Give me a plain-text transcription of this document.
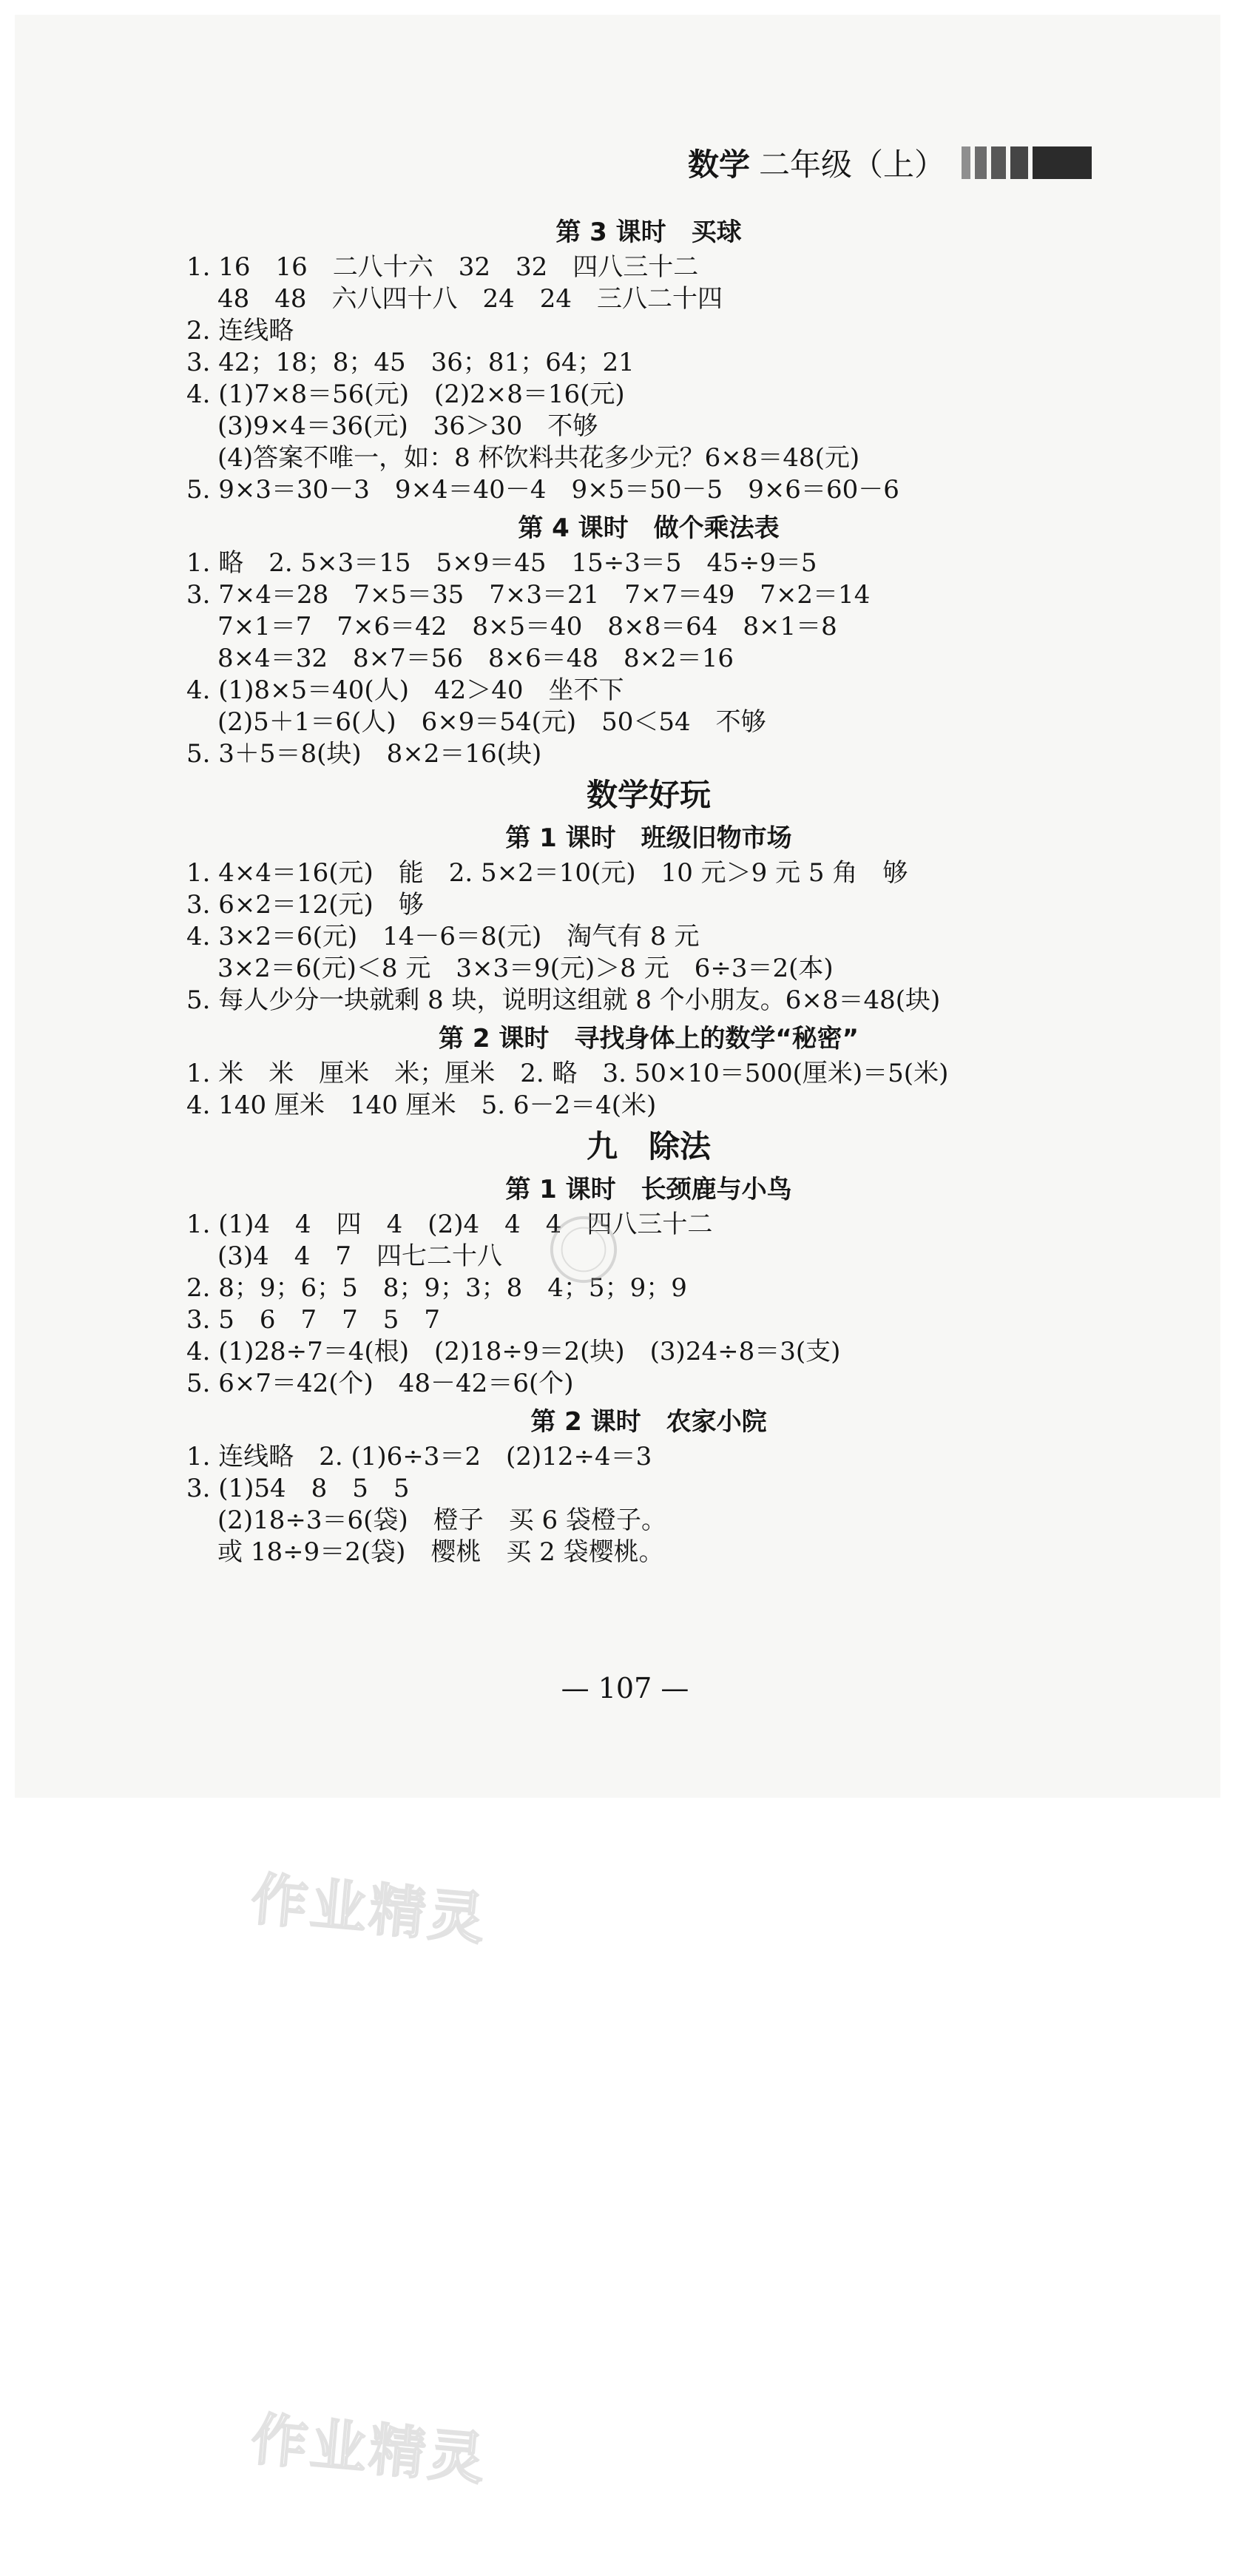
数学 二年级（上）
第 3 课时　买球
1. 16　16　二八十六　32　32　四八三十二
48　48　六八四十八　24　24　三八二十四
2. 连线略
3. 42；18；8；45　36；81；64；21
4. (1)7×8＝56(元)　(2)2×8＝16(元)
(3)9×4＝36(元)　36＞30　不够
(4)答案不唯一，如：8 杯饮料共花多少元？6×8＝48(元)
5. 9×3＝30－3　9×4＝40－4　9×5＝50－5　9×6＝60－6
第 4 课时　做个乘法表
1. 略　2. 5×3＝15　5×9＝45　15÷3＝5　45÷9＝5
3. 7×4＝28　7×5＝35　7×3＝21　7×7＝49　7×2＝14
7×1＝7　7×6＝42　8×5＝40　8×8＝64　8×1＝8
8×4＝32　8×7＝56　8×6＝48　8×2＝16
4. (1)8×5＝40(人)　42＞40　坐不下
(2)5＋1＝6(人)　6×9＝54(元)　50＜54　不够
5. 3＋5＝8(块)　8×2＝16(块)
数学好玩
第 1 课时　班级旧物市场
1. 4×4＝16(元)　能　2. 5×2＝10(元)　10 元＞9 元 5 角　够
3. 6×2＝12(元)　够
4. 3×2＝6(元)　14－6＝8(元)　淘气有 8 元
3×2＝6(元)＜8 元　3×3＝9(元)＞8 元　6÷3＝2(本)
5. 每人少分一块就剩 8 块，说明这组就 8 个小朋友。6×8＝48(块)
第 2 课时　寻找身体上的数学“秘密”
1. 米　米　厘米　米；厘米　2. 略　3. 50×10＝500(厘米)＝5(米)
4. 140 厘米　140 厘米　5. 6－2＝4(米)
九　除法
第 1 课时　长颈鹿与小鸟
1. (1)4　4　四　4　(2)4　4　4　四八三十二
(3)4　4　7　四七二十八
2. 8；9；6；5　8；9；3；8　4；5；9；9
3. 5　6　7　7　5　7
4. (1)28÷7＝4(根)　(2)18÷9＝2(块)　(3)24÷8＝3(支)
5. 6×7＝42(个)　48－42＝6(个)
第 2 课时　农家小院
1. 连线略　2. (1)6÷3＝2　(2)12÷4＝3
3. (1)54　8　5　5
(2)18÷3＝6(袋)　橙子　买 6 袋橙子。
或 18÷9＝2(袋)　樱桃　买 2 袋樱桃。
— 107 —
作业精灵
作业精灵
